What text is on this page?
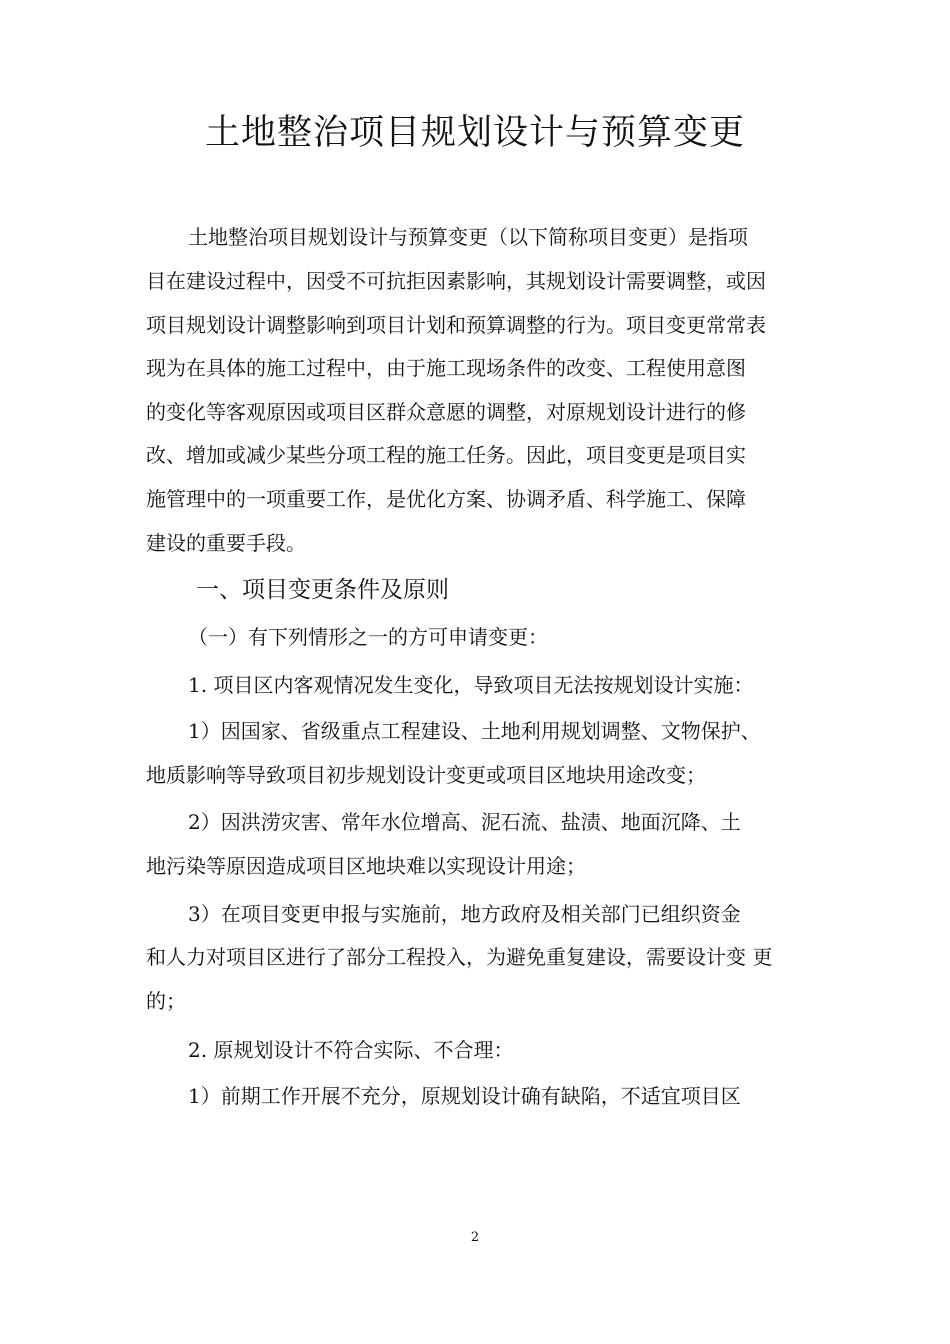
土地整治项目规划设计与预算变更

土地整治项目规划设计与预算变更（以下简称项目变更）是指项

目在建设过程中，因受不可抗拒因素影响，其规划设计需要调整，或因

项目规划设计调整影响到项目计划和预算调整的行为。项目变更常常表

现为在具体的施工过程中，由于施工现场条件的改变、工程使用意图

的变化等客观原因或项目区群众意愿的调整，对原规划设计进行的修

改、增加或减少某些分项工程的施工任务。因此，项目变更是项目实

施管理中的一项重要工作，是优化方案、协调矛盾、科学施工、保障

建设的重要手段。

一、项目变更条件及原则

（一）有下列情形之一的方可申请变更：

1. 项目区内客观情况发生变化，导致项目无法按规划设计实施：

1）因国家、省级重点工程建设、土地利用规划调整、文物保护、

地质影响等导致项目初步规划设计变更或项目区地块用途改变；

2）因洪涝灾害、常年水位增高、泥石流、盐渍、地面沉降、土

地污染等原因造成项目区地块难以实现设计用途；

3）在项目变更申报与实施前，地方政府及相关部门已组织资金

和人力对项目区进行了部分工程投入，为避免重复建设，需要设计变 更

的；

2. 原规划设计不符合实际、不合理：

1）前期工作开展不充分，原规划设计确有缺陷，不适宜项目区

2
